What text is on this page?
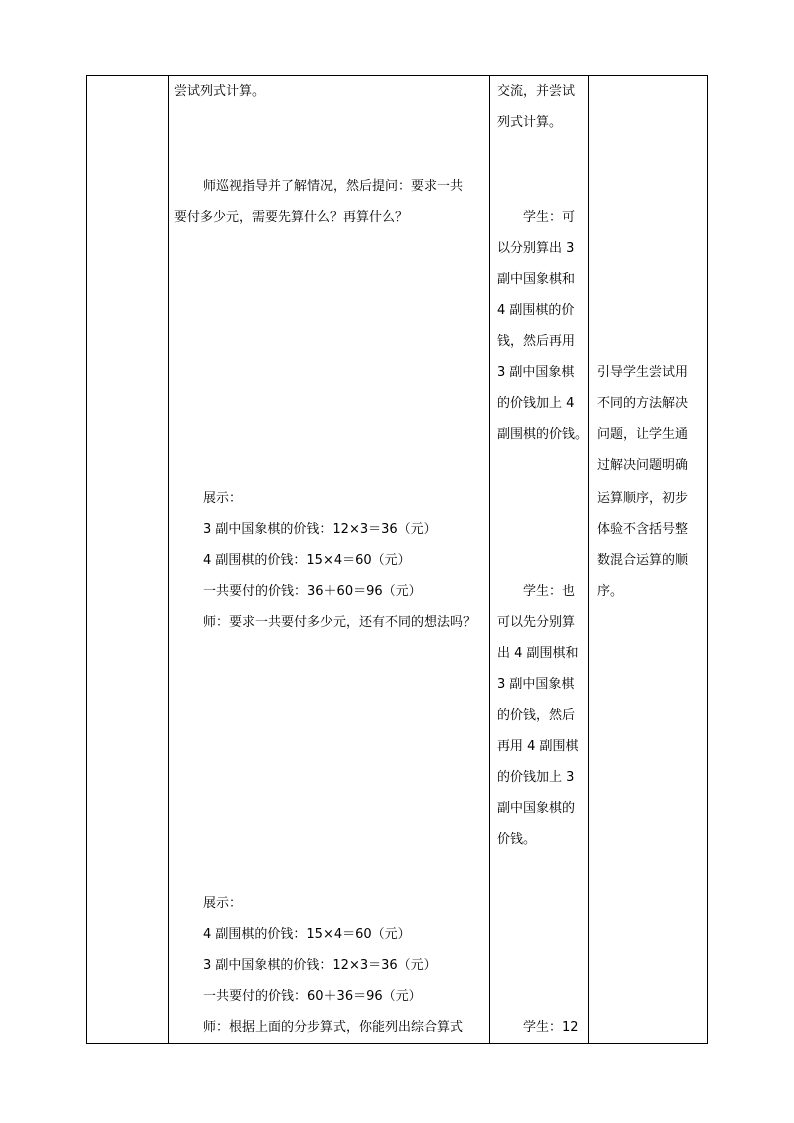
尝试列式计算。
师巡视指导并了解情况，然后提问：要求一共
要付多少元，需要先算什么？再算什么？
展示：
3 副中国象棋的价钱：12×3＝36（元）
4 副围棋的价钱：15×4＝60（元）
一共要付的价钱：36＋60＝96（元）
师：要求一共要付多少元，还有不同的想法吗？
展示：
4 副围棋的价钱：15×4＝60（元）
3 副中国象棋的价钱：12×3＝36（元）
一共要付的价钱：60＋36＝96（元）
师：根据上面的分步算式，你能列出综合算式
交流，并尝试
列式计算。
学生：可
以分别算出 3
副中国象棋和
4 副围棋的价
钱，然后再用
3 副中国象棋
的价钱加上 4
副围棋的价钱。
学生：也
可以先分别算
出 4 副围棋和
3 副中国象棋
的价钱，然后
再用 4 副围棋
的价钱加上 3
副中国象棋的
价钱。
学生：12
引导学生尝试用
不同的方法解决
问题，让学生通
过解决问题明确
运算顺序，初步
体验不含括号整
数混合运算的顺
序。
